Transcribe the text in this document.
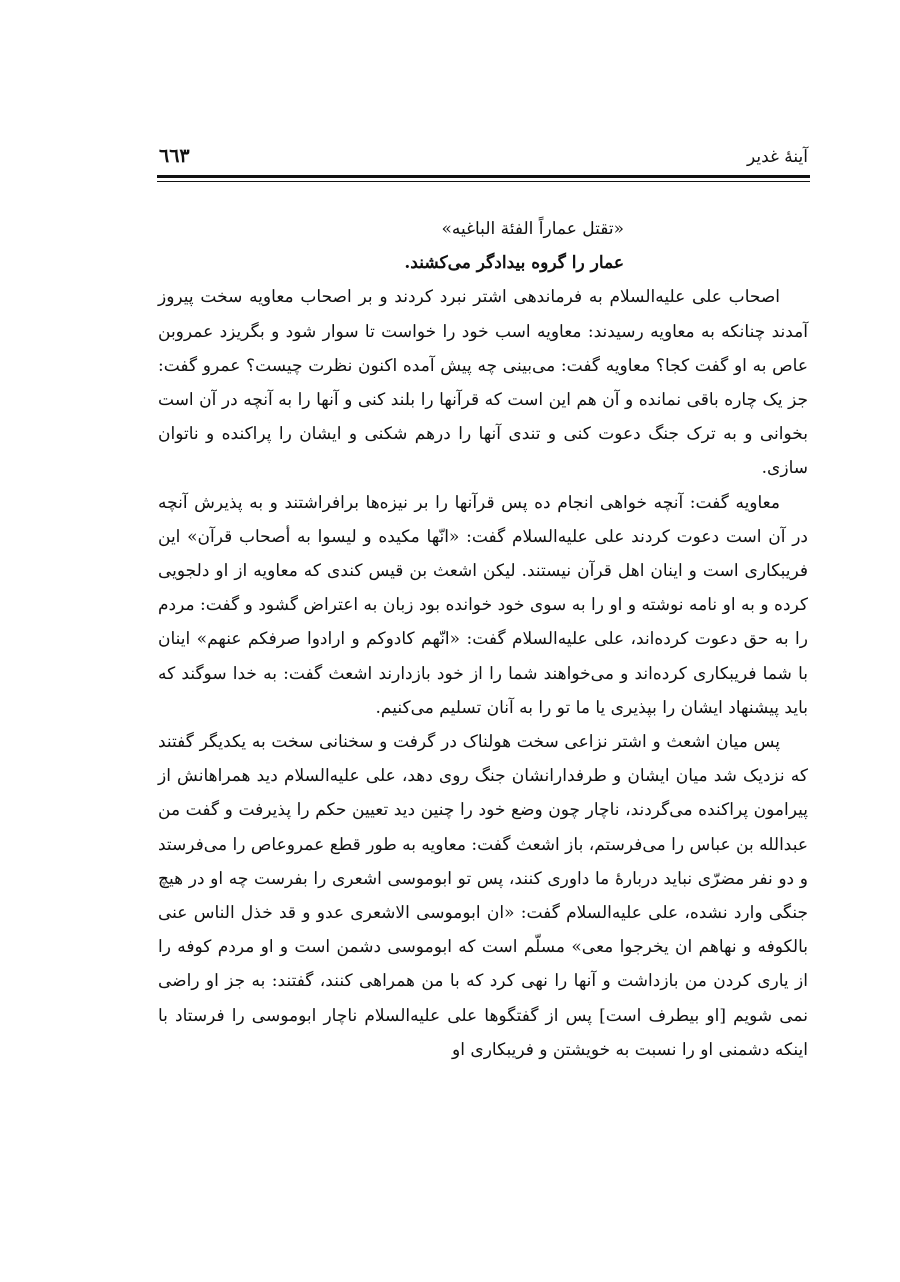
آينهٔ غدير
٦٦٣
«تقتل عماراً الفئة الباغيه»
عمار را گروه بيدادگر مى‌كشند.

اصحاب على عليه‌السلام به فرماندهى اشتر نبرد كردند و بر اصحاب معاويه سخت پيروز آمدند چنانكه به معاويه رسيدند: معاويه اسب خود را خواست تا سوار شود و بگريزد عمروبن عاص به او گفت كجا؟ معاويه گفت: مى‌بينى چه پيش آمده اكنون نظرت چيست؟ عمرو گفت: جز يک چاره باقى نمانده و آن هم اين است كه قرآنها را بلند كنى و آنها را به آنچه در آن است بخوانى و به ترک جنگ دعوت كنى و تندى آنها را درهم شكنى و ايشان را پراكنده و ناتوان سازى.

معاويه گفت: آنچه خواهى انجام ده پس قرآنها را بر نيزه‌ها برافراشتند و به پذيرش آنچه در آن است دعوت كردند على عليه‌السلام گفت: «انّها مكيده و ليسوا به أصحاب قرآن» اين فريبكارى است و اينان اهل قرآن نيستند. ليكن اشعث بن قيس كندى كه معاويه از او دلجويى كرده و به او نامه نوشته و او را به سوى خود خوانده بود زبان به اعتراض گشود و گفت: مردم را به حق دعوت كرده‌اند، على عليه‌السلام گفت: «انّهم كادوكم و ارادوا صرفكم عنهم» اينان با شما فريبكارى كرده‌اند و مى‌خواهند شما را از خود بازدارند اشعث گفت: به خدا سوگند كه بايد پيشنهاد ايشان را بپذيرى يا ما تو را به آنان تسليم مى‌كنيم.

پس ميان اشعث و اشتر نزاعى سخت هولناک در گرفت و سخنانى سخت به يكديگر گفتند كه نزديک شد ميان ايشان و طرفدارانشان جنگ روى دهد، على عليه‌السلام ديد همراهانش از پيرامون پراكنده مى‌گردند، ناچار چون وضع خود را چنين ديد تعيين حكم را پذيرفت و گفت من عبدالله بن عباس را مى‌فرستم، باز اشعث گفت: معاويه به طور قطع عمروعاص را مى‌فرستد و دو نفر مضرّى نبايد دربارهٔ ما داورى كنند، پس تو ابوموسى اشعرى را بفرست چه او در هيچ جنگى وارد نشده، على عليه‌السلام گفت: «ان ابوموسى الاشعرى عدو و قد خذل الناس عنى بالكوفه و نهاهم ان يخرجوا معى» مسلّم است كه ابوموسى دشمن است و او مردم كوفه را از يارى كردن من بازداشت و آنها را نهى كرد كه با من همراهى كنند، گفتند: به جز او راضى نمى شويم [او بيطرف است] پس از گفتگوها على عليه‌السلام ناچار ابوموسى را فرستاد با اينكه دشمنى او را نسبت به خويشتن و فريبكارى او
